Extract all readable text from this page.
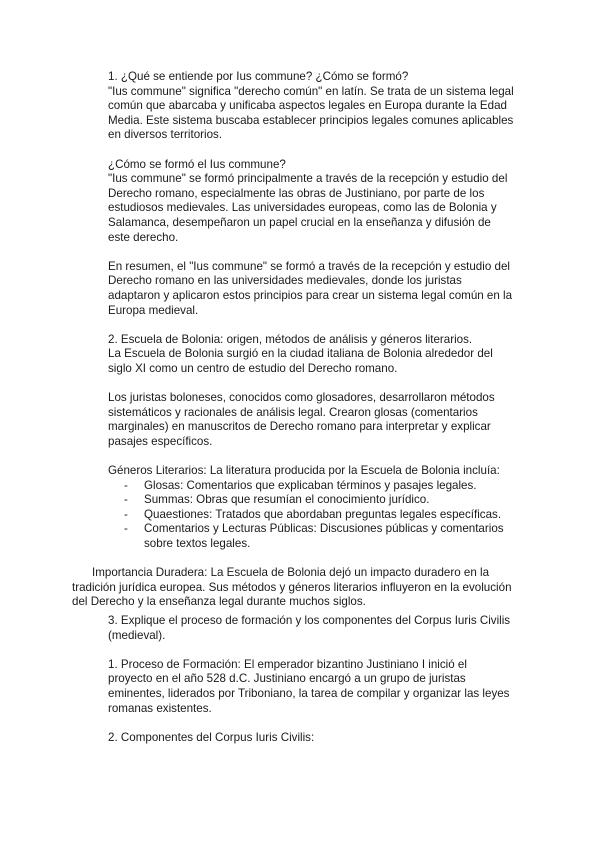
1. ¿Qué se entiende por Ius commune? ¿Cómo se formó?

"Ius commune" significa "derecho común" en latín. Se trata de un sistema legal común que abarcaba y unificaba aspectos legales en Europa durante la Edad Media. Este sistema buscaba establecer principios legales comunes aplicables en diversos territorios.

¿Cómo se formó el Ius commune?

"Ius commune" se formó principalmente a través de la recepción y estudio del Derecho romano, especialmente las obras de Justiniano, por parte de los estudiosos medievales. Las universidades europeas, como las de Bolonia y Salamanca, desempeñaron un papel crucial en la enseñanza y difusión de este derecho.

En resumen, el "Ius commune" se formó a través de la recepción y estudio del Derecho romano en las universidades medievales, donde los juristas adaptaron y aplicaron estos principios para crear un sistema legal común en la Europa medieval.

2. Escuela de Bolonia: origen, métodos de análisis y géneros literarios.

La Escuela de Bolonia surgió en la ciudad italiana de Bolonia alrededor del siglo XI como un centro de estudio del Derecho romano.

Los juristas boloneses, conocidos como glosadores, desarrollaron métodos sistemáticos y racionales de análisis legal. Crearon glosas (comentarios marginales) en manuscritos de Derecho romano para interpretar y explicar pasajes específicos.

Géneros Literarios: La literatura producida por la Escuela de Bolonia incluía:

- Glosas: Comentarios que explicaban términos y pasajes legales.
- Summas: Obras que resumían el conocimiento jurídico.
- Quaestiones: Tratados que abordaban preguntas legales específicas.
- Comentarios y Lecturas Públicas: Discusiones públicas y comentarios sobre textos legales.

Importancia Duradera: La Escuela de Bolonia dejó un impacto duradero en la tradición jurídica europea. Sus métodos y géneros literarios influyeron en la evolución del Derecho y la enseñanza legal durante muchos siglos.

3. Explique el proceso de formación y los componentes del Corpus Iuris Civilis (medieval).

1. Proceso de Formación: El emperador bizantino Justiniano I inició el proyecto en el año 528 d.C. Justiniano encargó a un grupo de juristas eminentes, liderados por Triboniano, la tarea de compilar y organizar las leyes romanas existentes.

2. Componentes del Corpus Iuris Civilis:
